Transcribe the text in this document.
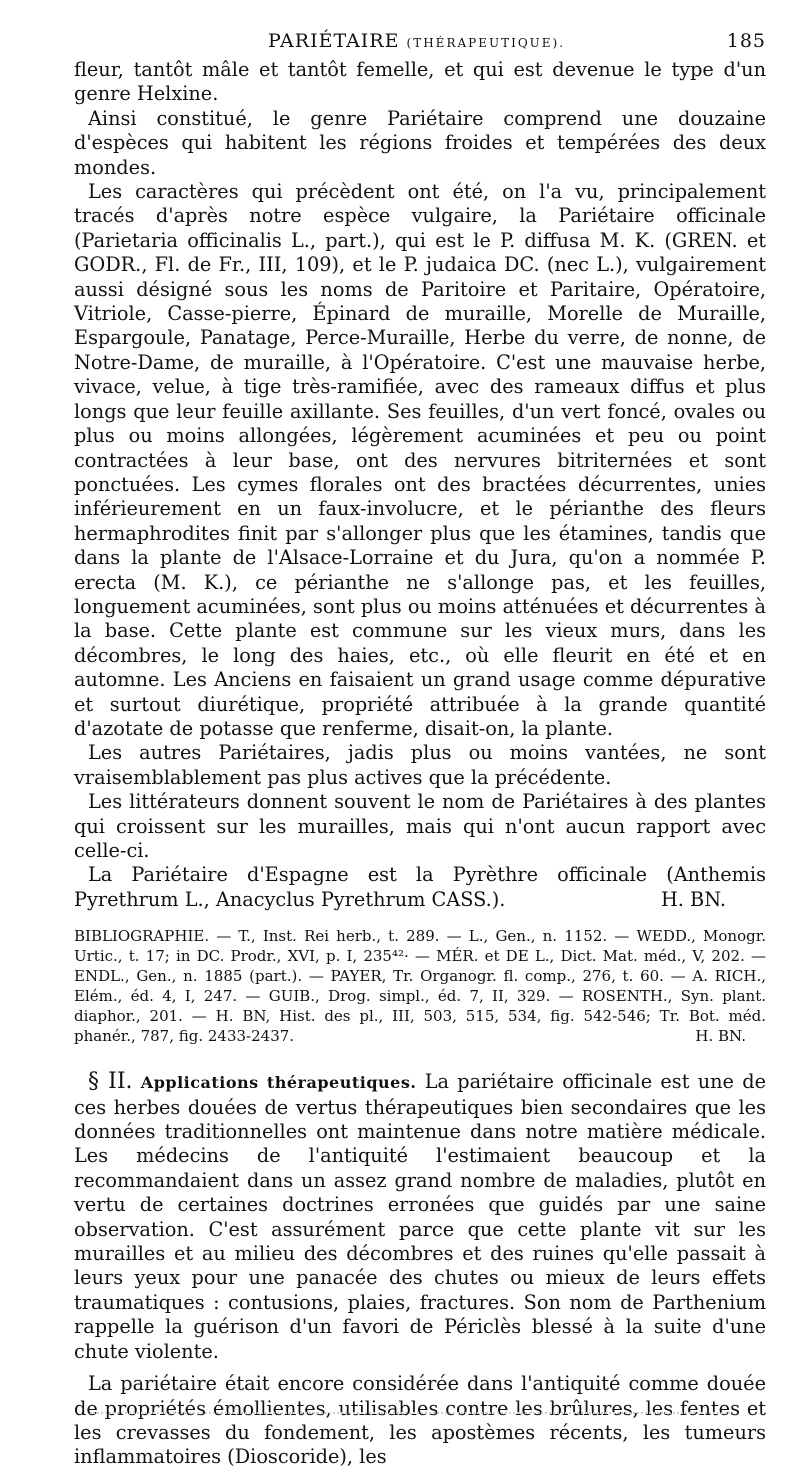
PARIÉTAIRE (THÉRAPEUTIQUE).	185

fleur, tantôt mâle et tantôt femelle, et qui est devenue le type d'un genre Helxine.

Ainsi constitué, le genre Pariétaire comprend une douzaine d'espèces qui habitent les régions froides et tempérées des deux mondes.

Les caractères qui précèdent ont été, on l'a vu, principalement tracés d'après notre espèce vulgaire, la Pariétaire officinale (Parietaria officinalis L., part.), qui est le P. diffusa M. K. (GREN. et GODR., Fl. de Fr., III, 109), et le P. judaica DC. (nec L.), vulgairement aussi désigné sous les noms de Paritoire et Paritaire, Opératoire, Vitriole, Casse-pierre, Épinard de muraille, Morelle de Muraille, Espargoule, Panatage, Perce-Muraille, Herbe du verre, de nonne, de Notre-Dame, de muraille, à l'Opératoire. C'est une mauvaise herbe, vivace, velue, à tige très-ramifiée, avec des rameaux diffus et plus longs que leur feuille axillante. Ses feuilles, d'un vert foncé, ovales ou plus ou moins allongées, légèrement acuminées et peu ou point contractées à leur base, ont des nervures bitriternées et sont ponctuées. Les cymes florales ont des bractées décurrentes, unies inférieurement en un faux-involucre, et le périanthe des fleurs hermaphrodites finit par s'allonger plus que les étamines, tandis que dans la plante de l'Alsace-Lorraine et du Jura, qu'on a nommée P. erecta (M. K.), ce périanthe ne s'allonge pas, et les feuilles, longuement acuminées, sont plus ou moins atténuées et décurrentes à la base. Cette plante est commune sur les vieux murs, dans les décombres, le long des haies, etc., où elle fleurit en été et en automne. Les Anciens en faisaient un grand usage comme dépurative et surtout diurétique, propriété attribuée à la grande quantité d'azotate de potasse que renferme, disait-on, la plante.

Les autres Pariétaires, jadis plus ou moins vantées, ne sont vraisemblablement pas plus actives que la précédente.

Les littérateurs donnent souvent le nom de Pariétaires à des plantes qui croissent sur les murailles, mais qui n'ont aucun rapport avec celle-ci.

La Pariétaire d'Espagne est la Pyrèthre officinale (Anthemis Pyrethrum L., Anacyclus Pyrethrum CASS.).	H. BN.

BIBLIOGRAPHIE. — T., Inst. Rei herb., t. 289. — L., Gen., n. 1152. — WEDD., Monogr. Urtic., t. 17; in DC. Prodr., XVI, p. I, 235⁴²· — MÉR. et DE L., Dict. Mat. méd., V, 202. — ENDL., Gen., n. 1885 (part.). — PAYER, Tr. Organogr. fl. comp., 276, t. 60. — A. RICH., Elém., éd. 4, I, 247. — GUIB., Drog. simpl., éd. 7, II, 329. — ROSENTH., Syn. plant. diaphor., 201. — H. BN, Hist. des pl., III, 503, 515, 534, fig. 542-546; Tr. Bot. méd. phanér., 787, fig. 2433-2437.	H. BN.

§ II. Applications thérapeutiques. La pariétaire officinale est une de ces herbes douées de vertus thérapeutiques bien secondaires que les données traditionnelles ont maintenue dans notre matière médicale. Les médecins de l'antiquité l'estimaient beaucoup et la recommandaient dans un assez grand nombre de maladies, plutôt en vertu de certaines doctrines erronées que guidés par une saine observation. C'est assurément parce que cette plante vit sur les murailles et au milieu des décombres et des ruines qu'elle passait à leurs yeux pour une panacée des chutes ou mieux de leurs effets traumatiques : contusions, plaies, fractures. Son nom de Parthenium rappelle la guérison d'un favori de Périclès blessé à la suite d'une chute violente.

La pariétaire était encore considérée dans l'antiquité comme douée de propriétés émollientes, utilisables contre les brûlures, les fentes et les crevasses du fondement, les apostèmes récents, les tumeurs inflammatoires (Dioscoride), les
